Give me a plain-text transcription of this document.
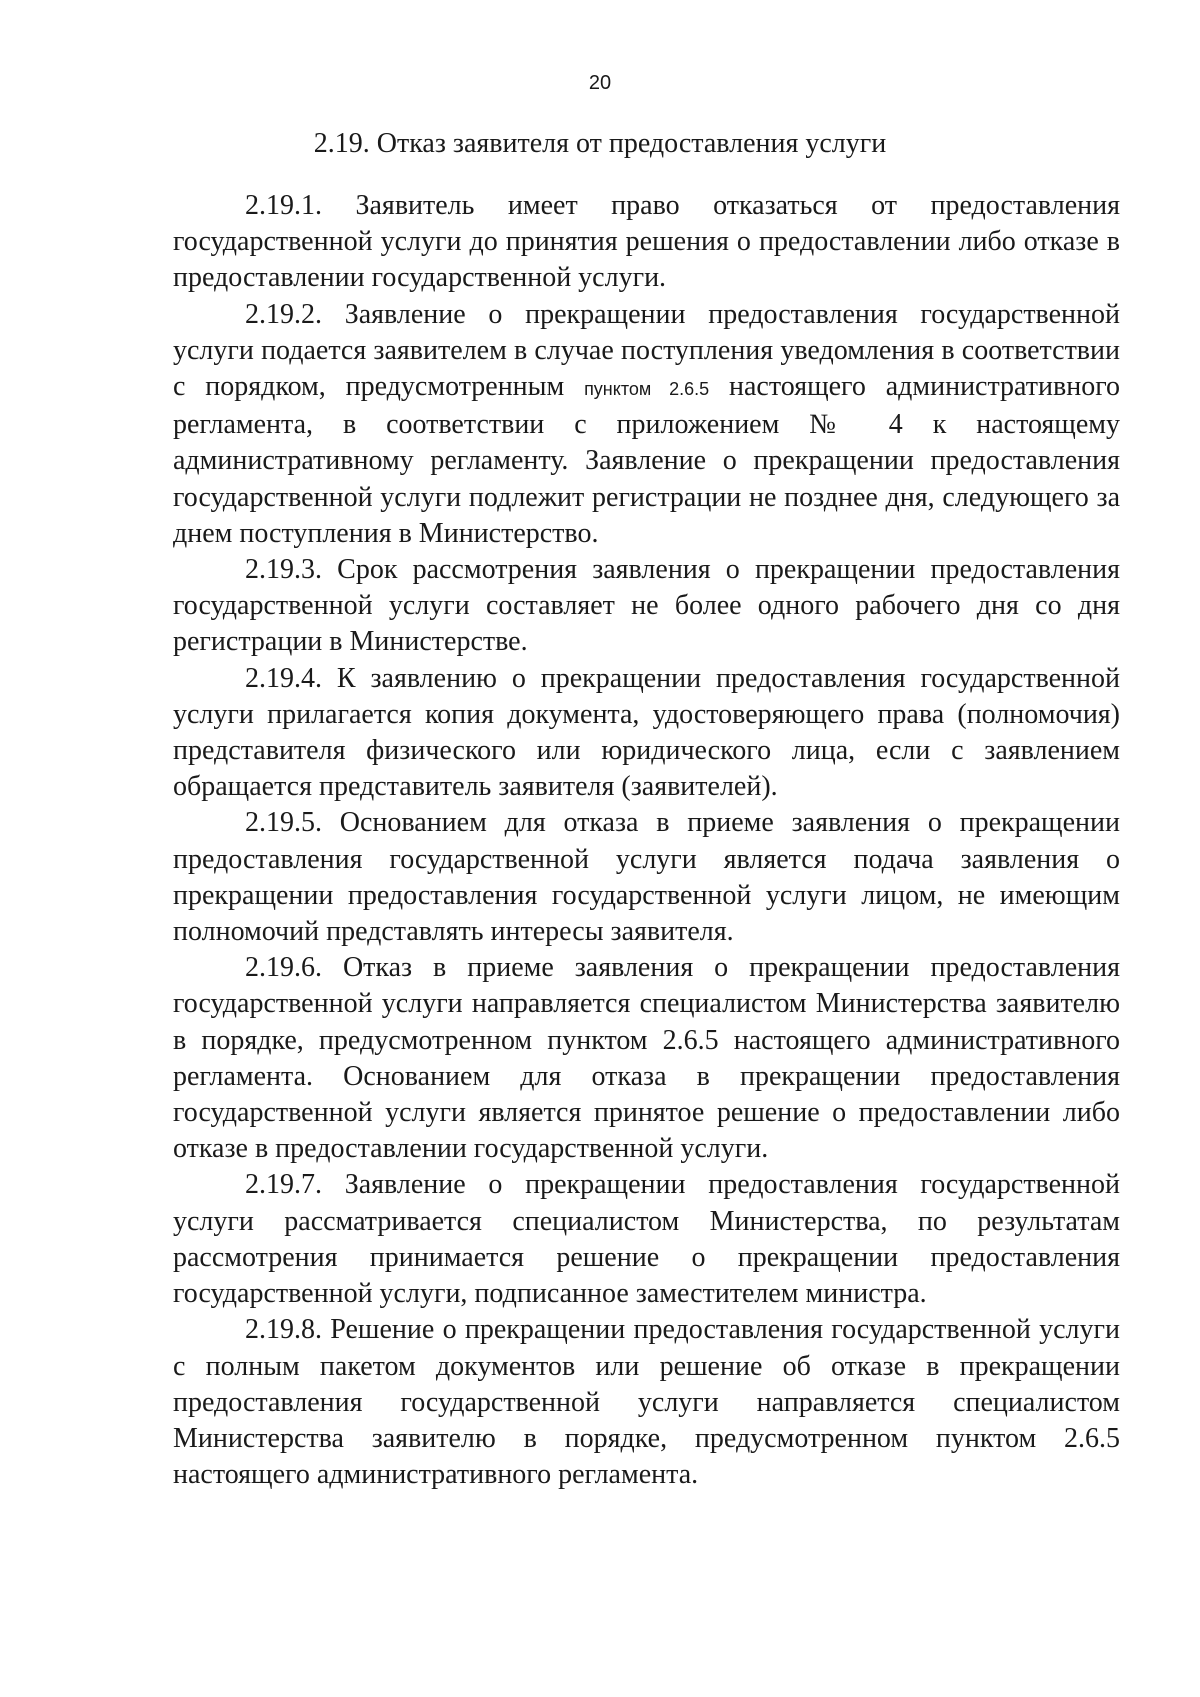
20
2.19. Отказ заявителя от предоставления услуги

2.19.1. Заявитель имеет право отказаться от предоставления государственной услуги до принятия решения о предоставлении либо отказе в предоставлении государственной услуги.

2.19.2. Заявление о прекращении предоставления государственной услуги подается заявителем в случае поступления уведомления в соответствии с порядком, предусмотренным пунктом 2.6.5 настоящего административного регламента, в соответствии с приложением № 4 к настоящему административному регламенту. Заявление о прекращении предоставления государственной услуги подлежит регистрации не позднее дня, следующего за днем поступления в Министерство.

2.19.3. Срок рассмотрения заявления о прекращении предоставления государственной услуги составляет не более одного рабочего дня со дня регистрации в Министерстве.

2.19.4. К заявлению о прекращении предоставления государственной услуги прилагается копия документа, удостоверяющего права (полномочия) представителя физического или юридического лица, если с заявлением обращается представитель заявителя (заявителей).

2.19.5. Основанием для отказа в приеме заявления о прекращении предоставления государственной услуги является подача заявления о прекращении предоставления государственной услуги лицом, не имеющим полномочий представлять интересы заявителя.

2.19.6. Отказ в приеме заявления о прекращении предоставления государственной услуги направляется специалистом Министерства заявителю в порядке, предусмотренном пунктом 2.6.5 настоящего административного регламента. Основанием для отказа в прекращении предоставления государственной услуги является принятое решение о предоставлении либо отказе в предоставлении государственной услуги.

2.19.7. Заявление о прекращении предоставления государственной услуги рассматривается специалистом Министерства, по результатам рассмотрения принимается решение о прекращении предоставления государственной услуги, подписанное заместителем министра.

2.19.8. Решение о прекращении предоставления государственной услуги с полным пакетом документов или решение об отказе в прекращении предоставления государственной услуги направляется специалистом Министерства заявителю в порядке, предусмотренном пунктом 2.6.5 настоящего административного регламента.
